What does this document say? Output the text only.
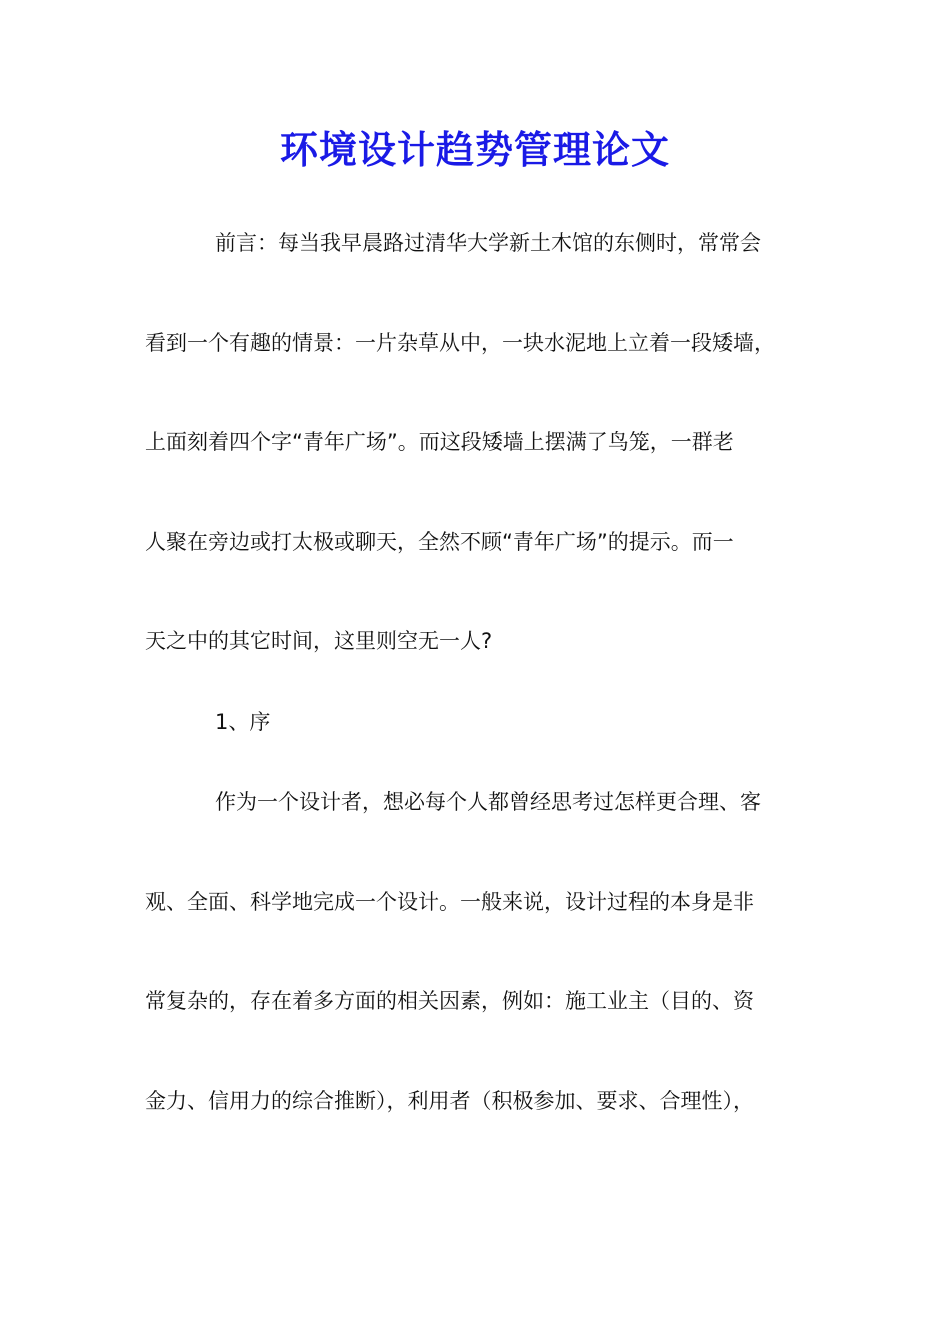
环境设计趋势管理论文
前言：每当我早晨路过清华大学新土木馆的东侧时，常常会
看到一个有趣的情景：一片杂草从中，一块水泥地上立着一段矮墙，
上面刻着四个字“青年广场”。而这段矮墙上摆满了鸟笼，一群老
人聚在旁边或打太极或聊天，全然不顾“青年广场”的提示。而一
天之中的其它时间，这里则空无一人?
1、序
作为一个设计者，想必每个人都曾经思考过怎样更合理、客
观、全面、科学地完成一个设计。一般来说，设计过程的本身是非
常复杂的，存在着多方面的相关因素，例如：施工业主（目的、资
金力、信用力的综合推断），利用者（积极参加、要求、合理性），
